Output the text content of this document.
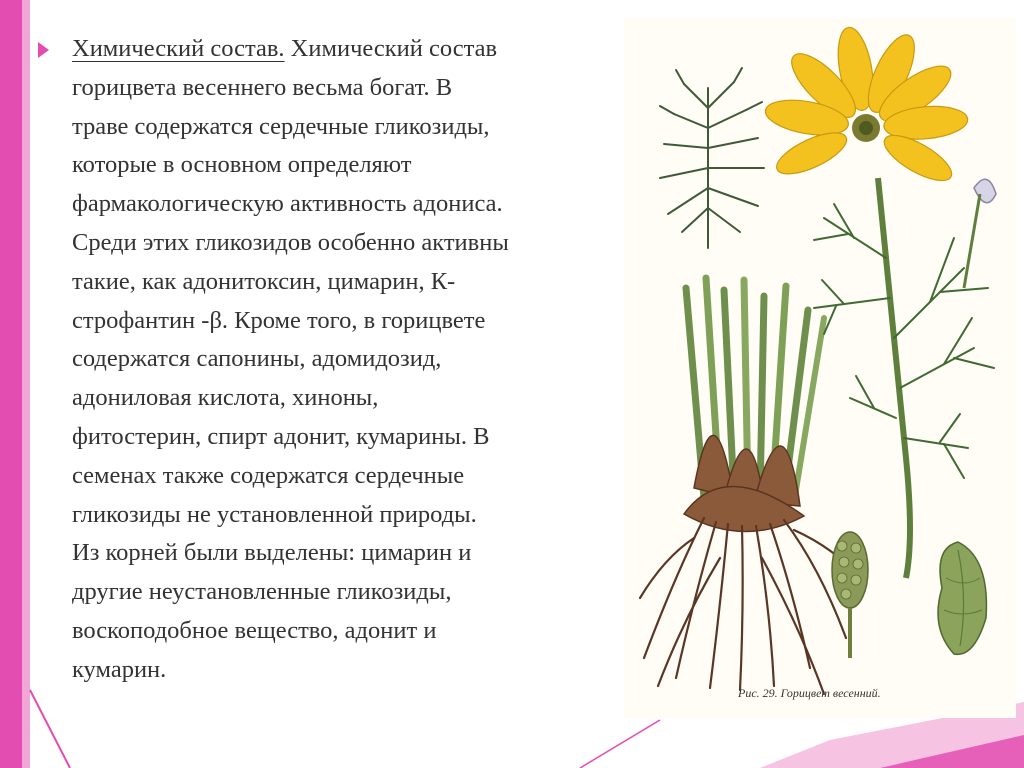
Химический состав. Химический состав
горицвета весеннего весьма богат. В
траве содержатся сердечные гликозиды,
которые в основном определяют
фармакологическую активность адониса.
Среди этих гликозидов особенно активны
такие, как адонитоксин, цимарин, К-
строфантин -β. Кроме того, в горицвете
содержатся сапонины, адомидозид,
адониловая кислота, хиноны,
фитостерин, спирт адонит, кумарины. В
семенах также содержатся сердечные
гликозиды не установленной природы.
Из корней были выделены: цимарин и
другие неустановленные гликозиды,
воскоподобное вещество, адонит и
кумарин.
Рис. 29. Горицвет весенний.
